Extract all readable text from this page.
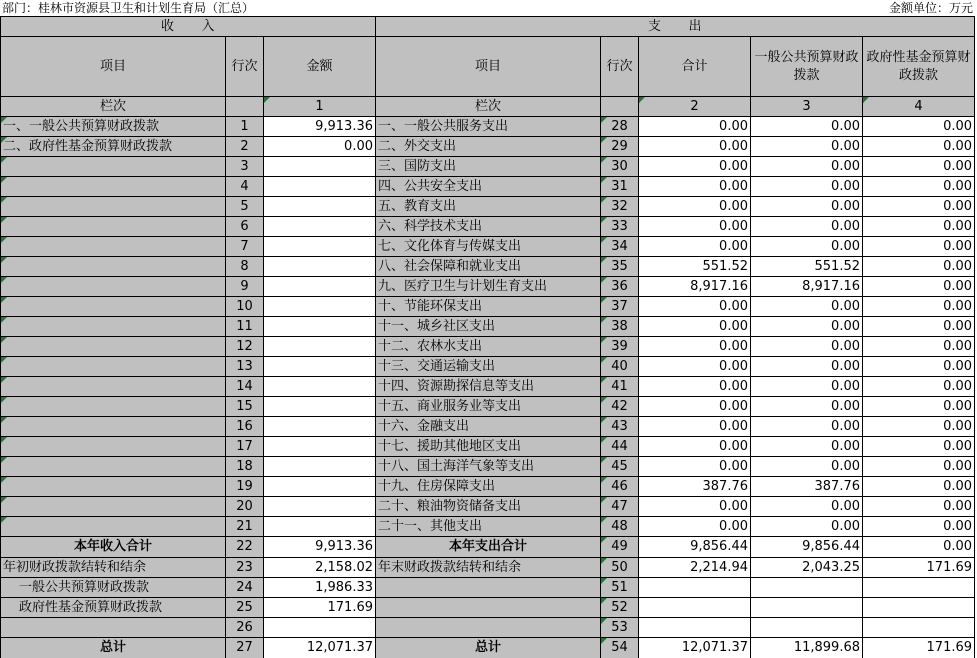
部门：桂林市资源县卫生和计划生育局（汇总）	金额单位：万元
收　　入			支　　出				
项目	行次	金额	项目	行次	合计	一般公共预算财政拨款	政府性基金预算财政拨款
栏次		1	栏次		2	3	4
一、一般公共预算财政拨款	1	9,913.36	一、一般公共服务支出	28	0.00	0.00	0.00
二、政府性基金预算财政拨款	2	0.00	二、外交支出	29	0.00	0.00	0.00
	3		三、国防支出	30	0.00	0.00	0.00
	4		四、公共安全支出	31	0.00	0.00	0.00
	5		五、教育支出	32	0.00	0.00	0.00
	6		六、科学技术支出	33	0.00	0.00	0.00
	7		七、文化体育与传媒支出	34	0.00	0.00	0.00
	8		八、社会保障和就业支出	35	551.52	551.52	0.00
	9		九、医疗卫生与计划生育支出	36	8,917.16	8,917.16	0.00
	10		十、节能环保支出	37	0.00	0.00	0.00
	11		十一、城乡社区支出	38	0.00	0.00	0.00
	12		十二、农林水支出	39	0.00	0.00	0.00
	13		十三、交通运输支出	40	0.00	0.00	0.00
	14		十四、资源勘探信息等支出	41	0.00	0.00	0.00
	15		十五、商业服务业等支出	42	0.00	0.00	0.00
	16		十六、金融支出	43	0.00	0.00	0.00
	17		十七、援助其他地区支出	44	0.00	0.00	0.00
	18		十八、国土海洋气象等支出	45	0.00	0.00	0.00
	19		十九、住房保障支出	46	387.76	387.76	0.00
	20		二十、粮油物资储备支出	47	0.00	0.00	0.00
	21		二十一、其他支出	48	0.00	0.00	0.00
本年收入合计	22	9,913.36	本年支出合计	49	9,856.44	9,856.44	0.00
年初财政拨款结转和结余	23	2,158.02	年末财政拨款结转和结余	50	2,214.94	2,043.25	171.69
一般公共预算财政拨款	24	1,986.33		51			
政府性基金预算财政拨款	25	171.69		52			
	26			53			
总计	27	12,071.37	总计	54	12,071.37	11,899.68	171.69
